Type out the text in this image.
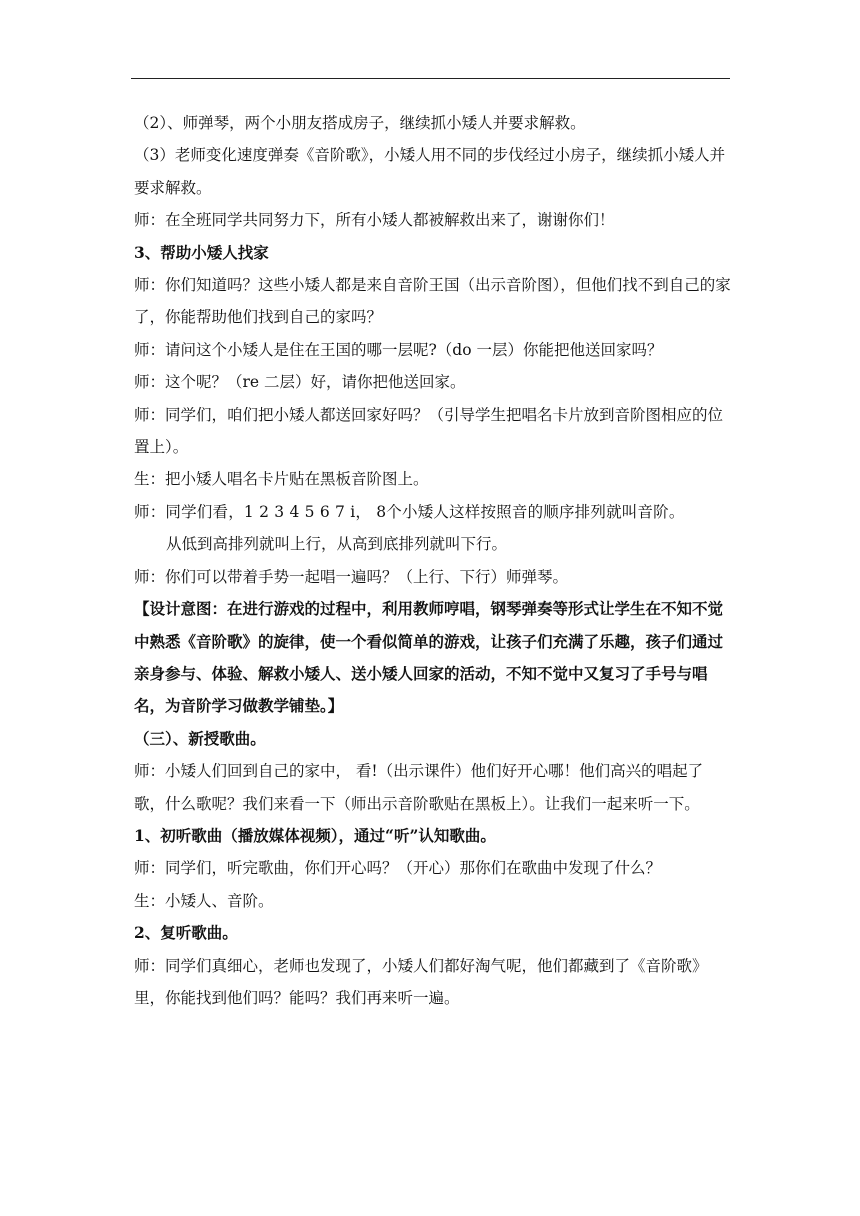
（2）、师弹琴，两个小朋友搭成房子，继续抓小矮人并要求解救。

（3）老师变化速度弹奏《音阶歌》，小矮人用不同的步伐经过小房子，继续抓小矮人并要求解救。

师：在全班同学共同努力下，所有小矮人都被解救出来了，谢谢你们！

3、帮助小矮人找家

师：你们知道吗？这些小矮人都是来自音阶王国（出示音阶图），但他们找不到自己的家了，你能帮助他们找到自己的家吗？

师：请问这个小矮人是住在王国的哪一层呢?（do 一层）你能把他送回家吗？

师：这个呢？（re 二层）好，请你把他送回家。

师：同学们，咱们把小矮人都送回家好吗？（引导学生把唱名卡片放到音阶图相应的位置上）。

生：把小矮人唱名卡片贴在黑板音阶图上。

师：同学们看，1 2 3 4 5 6 7 i， 8个小矮人这样按照音的顺序排列就叫音阶。

从低到高排列就叫上行，从高到底排列就叫下行。

师：你们可以带着手势一起唱一遍吗？（上行、下行）师弹琴。

【设计意图：在进行游戏的过程中，利用教师哼唱，钢琴弹奏等形式让学生在不知不觉中熟悉《音阶歌》的旋律，使一个看似简单的游戏，让孩子们充满了乐趣，孩子们通过亲身参与、体验、解救小矮人、送小矮人回家的活动，不知不觉中又复习了手号与唱名，为音阶学习做教学铺垫。】

（三）、新授歌曲。

师：小矮人们回到自己的家中， 看!（出示课件）他们好开心哪！他们高兴的唱起了歌，什么歌呢？我们来看一下（师出示音阶歌贴在黑板上）。让我们一起来听一下。

1、初听歌曲（播放媒体视频），通过“听”认知歌曲。

师：同学们，听完歌曲，你们开心吗？（开心）那你们在歌曲中发现了什么？

生：小矮人、音阶。

2、复听歌曲。

师：同学们真细心，老师也发现了，小矮人们都好淘气呢，他们都藏到了《音阶歌》里，你能找到他们吗？能吗？我们再来听一遍。
